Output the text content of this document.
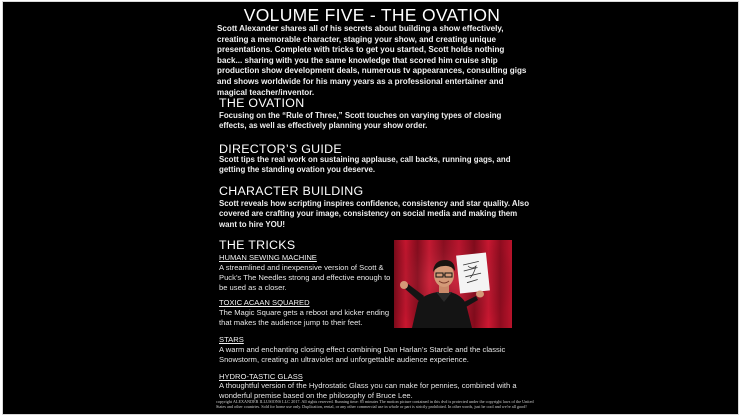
VOLUME FIVE - THE OVATION
Scott Alexander shares all of his secrets about building a show effectively, creating a memorable character, staging your show, and creating unique presentations. Complete with tricks to get you started, Scott holds nothing back... sharing with you the same knowledge that scored him cruise ship production show development deals, numerous tv appearances, consulting gigs and shows worldwide for his many years as a professional entertainer and magical teacher/inventor.
THE OVATION
Focusing on the “Rule of Three,” Scott touches on varying types of closing effects, as well as effectively planning your show order.
DIRECTOR’S GUIDE
Scott tips the real work on sustaining applause, call backs, running gags, and getting the standing ovation you deserve.
CHARACTER BUILDING
Scott reveals how scripting inspires confidence, consistency and star quality. Also covered are crafting your image, consistency on social media and making them want to hire YOU!
THE TRICKS
HUMAN SEWING MACHINE
A streamlined and inexpensive version of Scott & Puck’s The Needles strong and effective enough to be used as a closer.
TOXIC ACAAN SQUARED
The Magic Square gets a reboot and kicker ending that makes the audience jump to their feet.
STARS
A warm and enchanting closing effect combining Dan Harlan’s Starcle and the classic Snowstorm, creating an ultraviolet and unforgettable audience experience.
HYDRO-TASTIC GLASS
A thoughtful version of the Hydrostatic Glass you can make for pennies, combined with a wonderful premise based on the philosophy of Bruce Lee.
copyright ALEXANDER ILLUSIONS LLC 2017. All rights reserved. Running time: 85 minutes The motion picture contained in this dvd is protected under the copyright laws of the United States and other countries. Sold for home use only. Duplication, rental, or any other commercial use in whole or part is strictly prohibited. In other words, just be cool and we're all good!
